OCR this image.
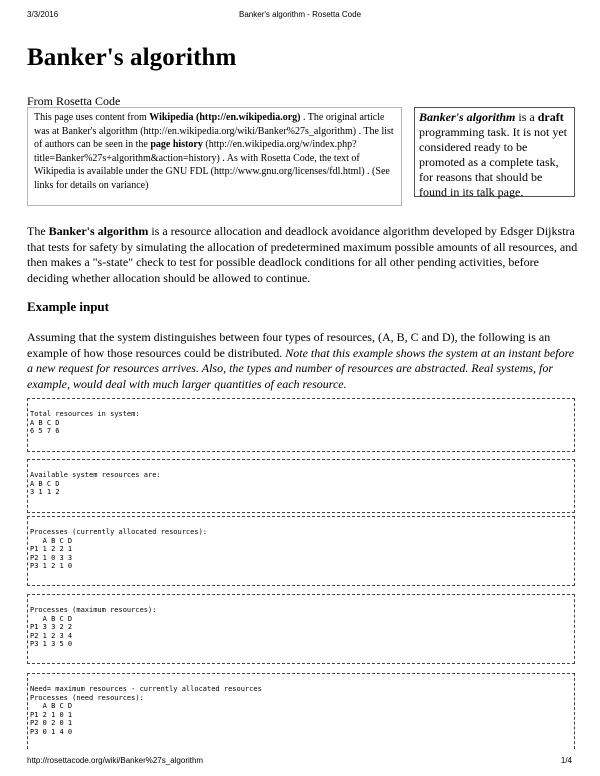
3/3/2016	Banker's algorithm - Rosetta Code
Banker's algorithm
From Rosetta Code
This page uses content from Wikipedia (http://en.wikipedia.org) . The original article was at Banker's algorithm (http://en.wikipedia.org/wiki/Banker%27s_algorithm) . The list of authors can be seen in the page history (http://en.wikipedia.org/w/index.php?title=Banker%27s+algorithm&action=history) . As with Rosetta Code, the text of Wikipedia is available under the GNU FDL (http://www.gnu.org/licenses/fdl.html) . (See links for details on variance)
Banker's algorithm is a draft programming task. It is not yet considered ready to be promoted as a complete task, for reasons that should be found in its talk page.
The Banker's algorithm is a resource allocation and deadlock avoidance algorithm developed by Edsger Dijkstra that tests for safety by simulating the allocation of predetermined maximum possible amounts of all resources, and then makes a "s-state" check to test for possible deadlock conditions for all other pending activities, before deciding whether allocation should be allowed to continue.
Example input
Assuming that the system distinguishes between four types of resources, (A, B, C and D), the following is an example of how those resources could be distributed. Note that this example shows the system at an instant before a new request for resources arrives. Also, the types and number of resources are abstracted. Real systems, for example, would deal with much larger quantities of each resource.
Total resources in system:
A B C D
6 5 7 6
Available system resources are:
A B C D
3 1 1 2
Processes (currently allocated resources):
A B C D
P1 1 2 2 1
P2 1 0 3 3
P3 1 2 1 0
Processes (maximum resources):
A B C D
P1 3 3 2 2
P2 1 2 3 4
P3 1 3 5 0
Need= maximum resources - currently allocated resources
Processes (need resources):
A B C D
P1 2 1 0 1
P2 0 2 0 1
P3 0 1 4 0
http://rosettacode.org/wiki/Banker%27s_algorithm	1/4
